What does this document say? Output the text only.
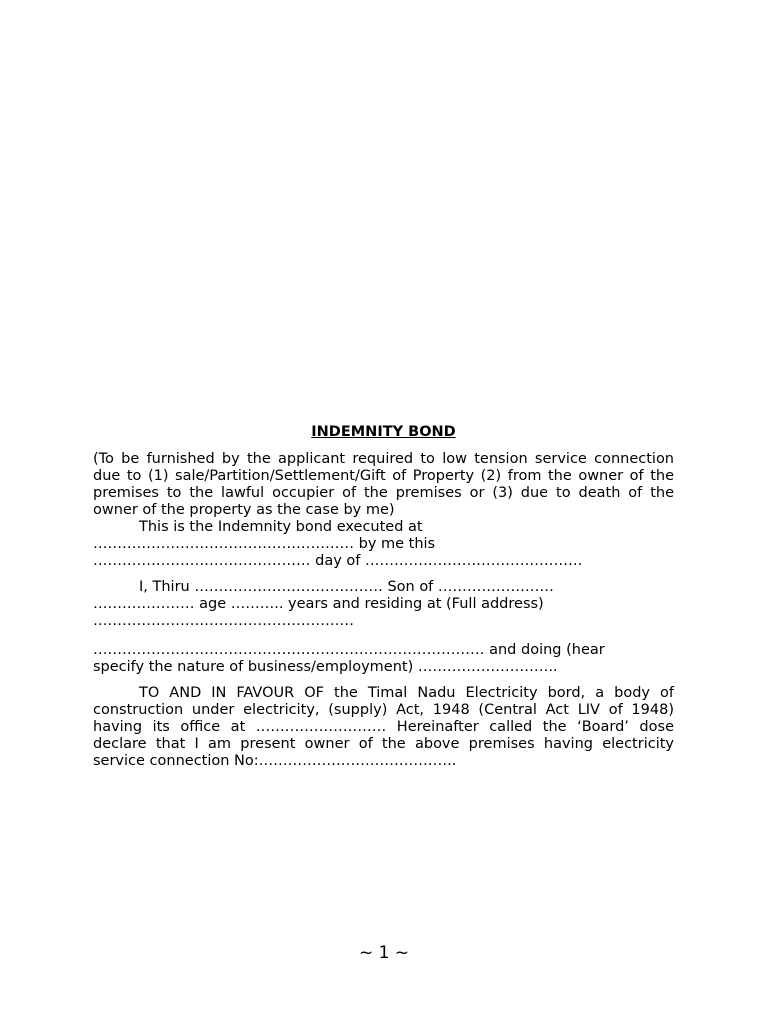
INDEMNITY BOND

(To be furnished by the applicant required to low tension service connection due to (1) sale/Partition/Settlement/Gift of Property (2) from the owner of the premises to the lawful occupier of the premises or (3) due to death of the owner of the property as the case by me)

This is the Indemnity bond executed at
……………………………………………… by me this
……………………………………… day of ………………………………………
I, Thiru ………………………………… Son of ……………………
………………… age ……….. years and residing at (Full address)
………………………………………………
……………………………………………………………………… and doing (hear
specify the nature of business/employment) ………………………..

TO AND IN FAVOUR OF the Timal Nadu Electricity bord, a body of construction under electricity, (supply) Act, 1948 (Central Act LIV of 1948) having its office at ……………………… Hereinafter called the ‘Board’ dose declare that I am present owner of the above premises having electricity service connection No:…………………………………..

~ 1 ~
